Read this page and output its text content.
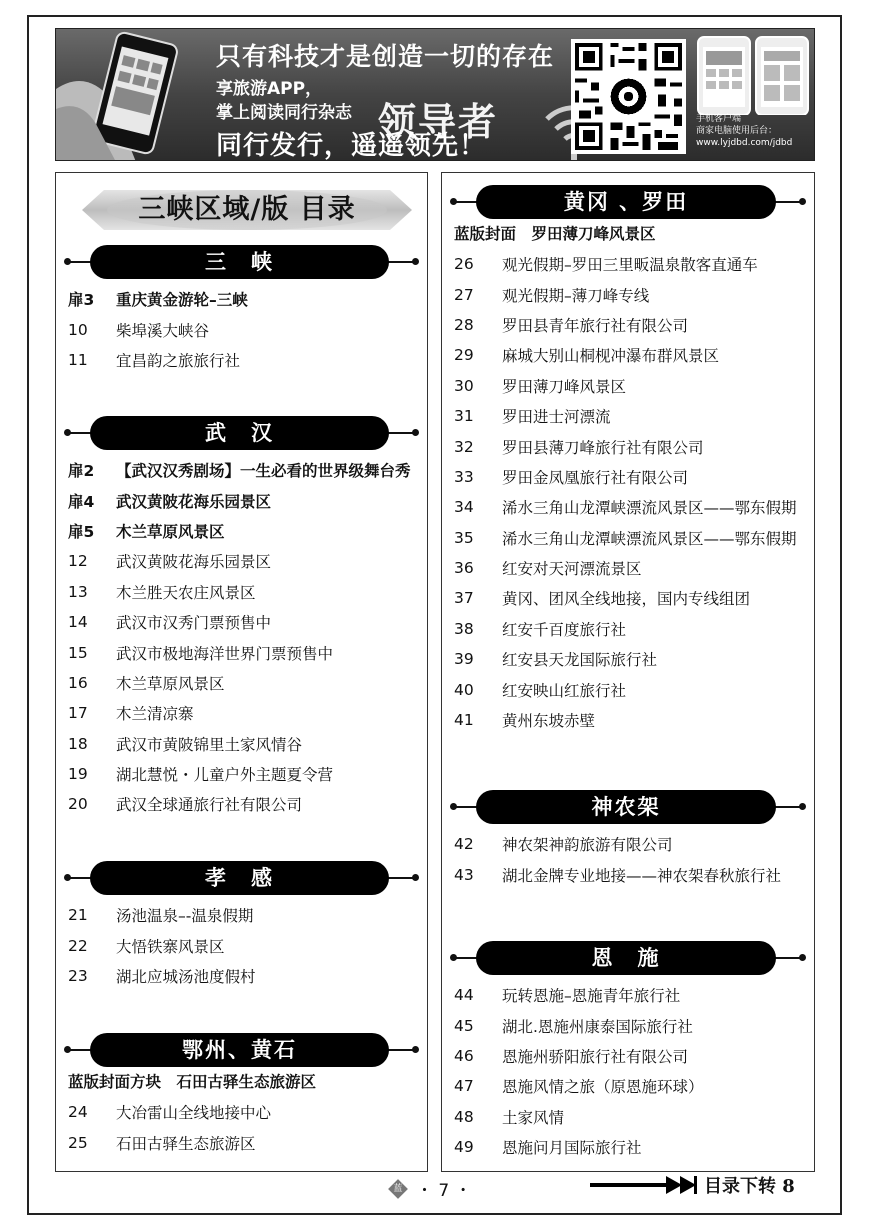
只有科技才是创造一切的存在
享旅游APP，
掌上阅读同行杂志 领导者
同行发行，遥遥领先！
手机客户端
商家电脑使用后台：
www.lyjdbd.com/jdbd
三峡区域/版 目录
三　峡
扉3	重庆黄金游轮–三峡
10	柴埠溪大峡谷
11	宜昌韵之旅旅行社
武　汉
扉2	【武汉汉秀剧场】一生必看的世界级舞台秀
扉4	武汉黄陂花海乐园景区
扉5	木兰草原风景区
12	武汉黄陂花海乐园景区
13	木兰胜天农庄风景区
14	武汉市汉秀门票预售中
15	武汉市极地海洋世界门票预售中
16	木兰草原风景区
17	木兰清凉寨
18	武汉市黄陂锦里土家风情谷
19	湖北慧悦・儿童户外主题夏令营
20	武汉全球通旅行社有限公司
孝　感
21	汤池温泉–-温泉假期
22	大悟铁寨风景区
23	湖北应城汤池度假村
鄂州、黄石
蓝版封面方块　石田古驿生态旅游区
24	大冶雷山全线地接中心
25	石田古驿生态旅游区
黄冈 、罗田
蓝版封面　罗田薄刀峰风景区
26	观光假期–罗田三里畈温泉散客直通车
27	观光假期–薄刀峰专线
28	罗田县青年旅行社有限公司
29	麻城大别山桐枧冲瀑布群风景区
30	罗田薄刀峰风景区
31	罗田进士河漂流
32	罗田县薄刀峰旅行社有限公司
33	罗田金凤凰旅行社有限公司
34	浠水三角山龙潭峡漂流风景区——鄂东假期
35	浠水三角山龙潭峡漂流风景区——鄂东假期
36	红安对天河漂流景区
37	黄冈、团风全线地接，国内专线组团
38	红安千百度旅行社
39	红安县天龙国际旅行社
40	红安映山红旅行社
41	黄州东坡赤壁
神农架
42	神农架神韵旅游有限公司
43	湖北金牌专业地接——神农架春秋旅行社
恩　施
44	玩转恩施–恩施青年旅行社
45	湖北.恩施州康泰国际旅行社
46	恩施州骄阳旅行社有限公司
47	恩施风情之旅（原恩施环球）
48	土家风情
49	恩施问月国际旅行社
蓝 ・ 7 ・	目录下转 8
